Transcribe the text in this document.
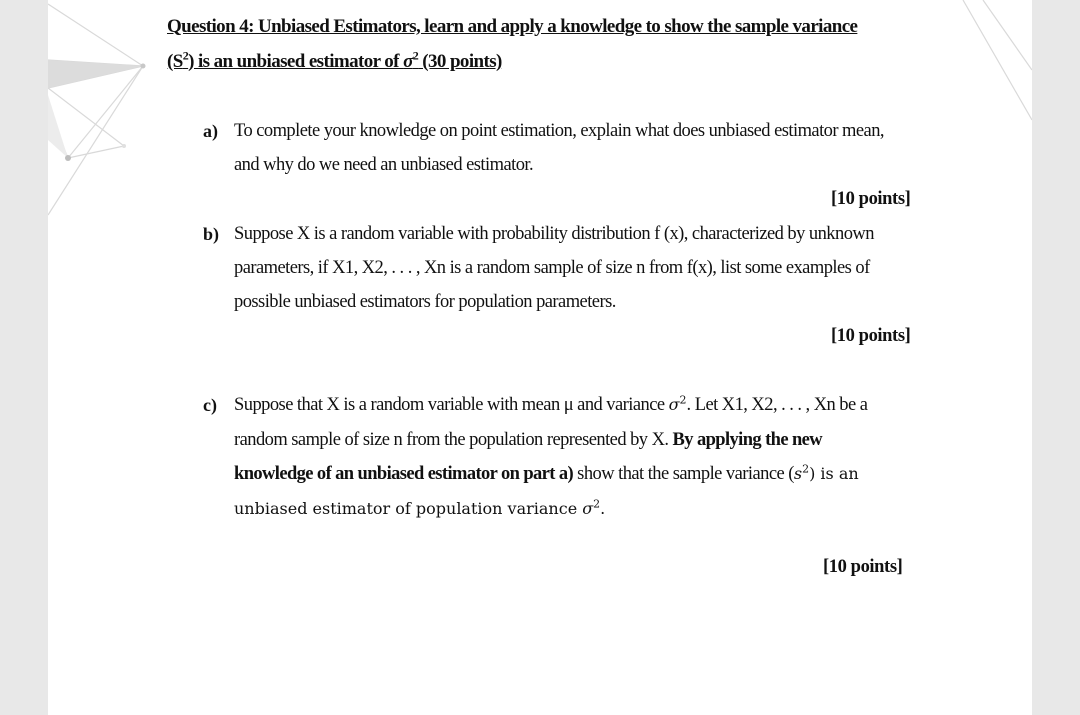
Question 4: Unbiased Estimators, learn and apply a knowledge to show the sample variance
$(S^2)$ is an unbiased estimator of $\sigma^2$ (30 points)
a) To complete your knowledge on point estimation, explain what does unbiased estimator mean,
and why do we need an unbiased estimator.
[10 points]
b) Suppose X is a random variable with probability distribution f (x), characterized by unknown
parameters, if X1, X2, . . . , Xn is a random sample of size n from f(x), list some examples of
possible unbiased estimators for population parameters.
[10 points]
c) Suppose that X is a random variable with mean μ and variance $\sigma^2$. Let X1, X2, . . . , Xn be a
random sample of size n from the population represented by X. By applying the new
knowledge of an unbiased estimator on part a) show that the sample variance $(s^2)$ is an
unbiased estimator of population variance $\sigma^2$.
[10 points]
